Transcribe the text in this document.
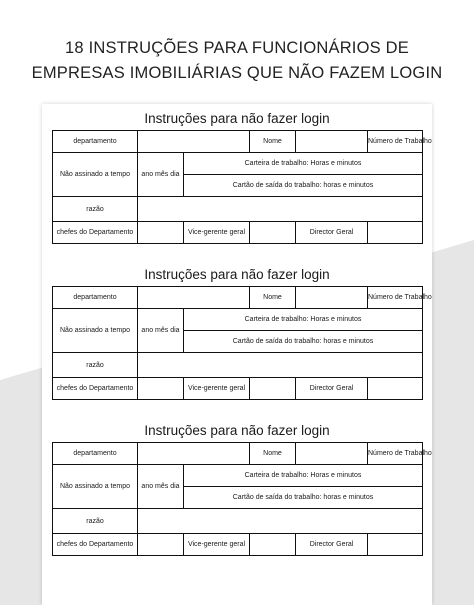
18 INSTRUÇÕES PARA FUNCIONÁRIOS DE
EMPRESAS IMOBILIÁRIAS QUE NÃO FAZEM LOGIN
Instruções para não fazer login
departamento			Nome		Número de Trabalho
Não assinado a tempo	ano mês dia	Carteira de trabalho: Horas e minutos			
		Cartão de saída do trabalho: horas e minutos			
razão					
chefes do Departamento		Vice-gerente geral		Director Geral	
Instruções para não fazer login
departamento			Nome		Número de Trabalho
Não assinado a tempo	ano mês dia	Carteira de trabalho: Horas e minutos			
		Cartão de saída do trabalho: horas e minutos			
razão					
chefes do Departamento		Vice-gerente geral		Director Geral	
Instruções para não fazer login
departamento			Nome		Número de Trabalho
Não assinado a tempo	ano mês dia	Carteira de trabalho: Horas e minutos			
		Cartão de saída do trabalho: horas e minutos			
razão					
chefes do Departamento		Vice-gerente geral		Director Geral	
